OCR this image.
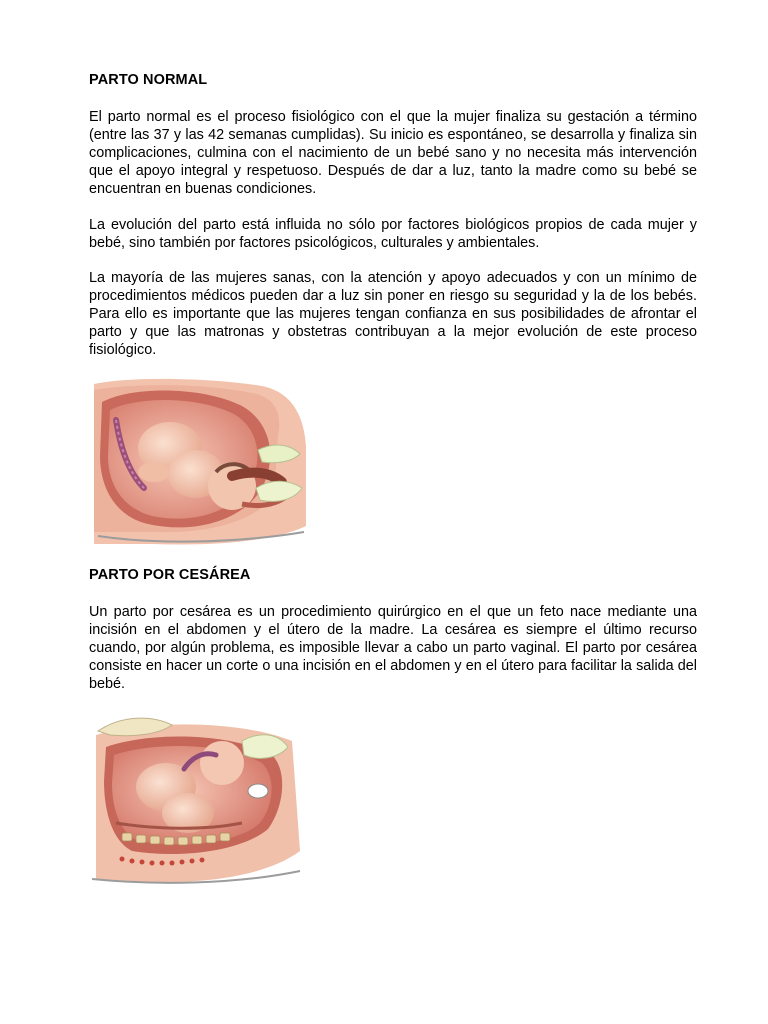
PARTO NORMAL

El parto normal es el proceso fisiológico con el que la mujer finaliza su gestación a término (entre las 37 y las 42 semanas cumplidas). Su inicio es espontáneo, se desarrolla y finaliza sin complicaciones, culmina con el nacimiento de un bebé sano y no necesita más intervención que el apoyo integral y respetuoso. Después de dar a luz, tanto la madre como su bebé se encuentran en buenas condiciones.

La evolución del parto está influida no sólo por factores biológicos propios de cada mujer y bebé, sino también por factores psicológicos, culturales y ambientales.

La mayoría de las mujeres sanas, con la atención y apoyo adecuados y con un mínimo de procedimientos médicos pueden dar a luz sin poner en riesgo su seguridad y la de los bebés. Para ello es importante que las mujeres tengan confianza en sus posibilidades de afrontar el parto y que las matronas y obstetras contribuyan a la mejor evolución de este proceso fisiológico.

PARTO POR CESÁREA

Un parto por cesárea es un procedimiento quirúrgico en el que un feto nace mediante una incisión en el abdomen y el útero de la madre. La cesárea es siempre el último recurso cuando, por algún problema, es imposible llevar a cabo un parto vaginal. El parto por cesárea consiste en hacer un corte o una incisión en el abdomen y en el útero para facilitar la salida del bebé.
